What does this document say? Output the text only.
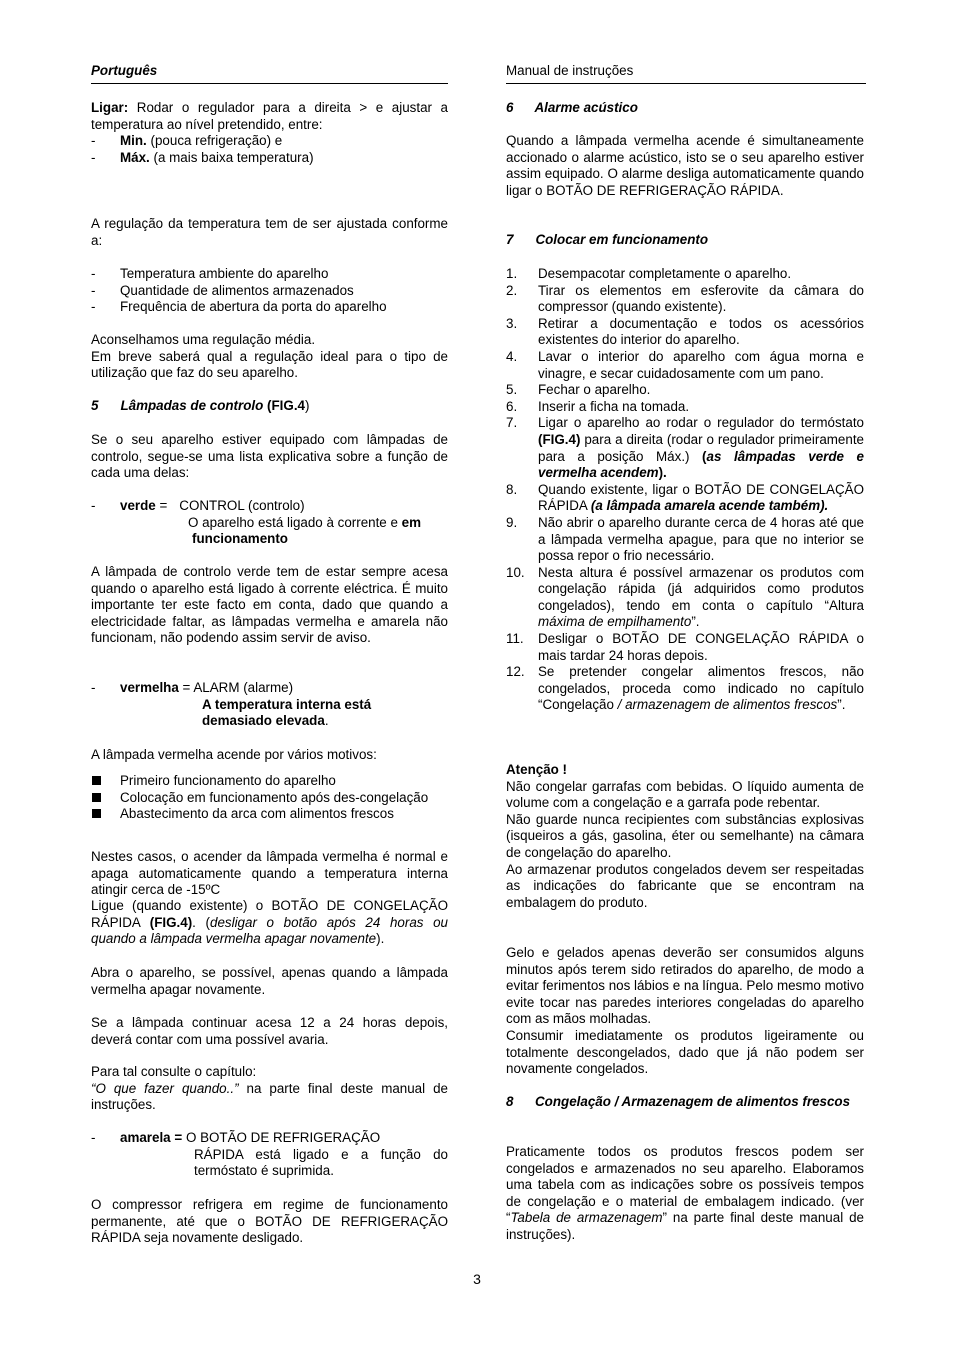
Português	Manual de instruções

Ligar: Rodar o regulador para a direita > e ajustar a temperatura ao nível pretendido, entre:

- Min. (pouca refrigeração) e
- Máx. (a mais baixa temperatura)

A regulação da temperatura tem de ser ajustada conforme a:

- Temperatura ambiente do aparelho
- Quantidade de alimentos armazenados
- Frequência de abertura da porta do aparelho

Aconselhamos uma regulação média.

Em breve saberá qual a regulação ideal para o tipo de utilização que faz do seu aparelho.

5 Lâmpadas de controlo (FIG.4)

Se o seu aparelho estiver equipado com lâmpadas de controlo, segue-se uma lista explicativa sobre a função de cada uma delas:

- verde = CONTROL (controlo)
O aparelho está ligado à corrente e em
funcionamento

A lâmpada de controlo verde tem de estar sempre acesa quando o aparelho está ligado à corrente eléctrica. É muito importante ter este facto em conta, dado que quando a electricidade faltar, as lâmpadas vermelha e amarela não funcionam, não podendo assim servir de aviso.

- vermelha = ALARM (alarme)
A temperatura interna está
demasiado elevada.

A lâmpada vermelha acende por vários motivos:

Primeiro funcionamento do aparelho
Colocação em funcionamento após des-congelação
Abastecimento da arca com alimentos frescos

Nestes casos, o acender da lâmpada vermelha é normal e apaga automaticamente quando a temperatura interna atingir cerca de -15ºC

Ligue (quando existente) o BOTÃO DE CONGELAÇÃO RÁPIDA (FIG.4). (desligar o botão após 24 horas ou quando a lâmpada vermelha apagar novamente).

Abra o aparelho, se possível, apenas quando a lâmpada vermelha apagar novamente.

Se a lâmpada continuar acesa 12 a 24 horas depois, deverá contar com uma possível avaria.

Para tal consulte o capítulo:

“O que fazer quando..” na parte final deste manual de instruções.

- amarela = O BOTÃO DE REFRIGERAÇÃO

RÁPIDA está ligado e a função do termóstato é suprimida.

O compressor refrigera em regime de funcionamento permanente, até que o BOTÃO DE REFRIGERAÇÃO RÁPIDA seja novamente desligado.

6 Alarme acústico

Quando a lâmpada vermelha acende é simultaneamente accionado o alarme acústico, isto se o seu aparelho estiver assim equipado. O alarme desliga automaticamente quando ligar o BOTÃO DE REFRIGERAÇÃO RÁPIDA.

7 Colocar em funcionamento
1. Desempacotar completamente o aparelho.
2. Tirar os elementos em esferovite da câmara do compressor (quando existente).
3. Retirar a documentação e todos os acessórios existentes do interior do aparelho.
4. Lavar o interior do aparelho com água morna e vinagre, e secar cuidadosamente com um pano.
5. Fechar o aparelho.
6. Inserir a ficha na tomada.
7. Ligar o aparelho ao rodar o regulador do termóstato (FIG.4) para a direita (rodar o regulador primeiramente para a posição Máx.) (as lâmpadas verde e vermelha acendem).
8. Quando existente, ligar o BOTÃO DE CONGELAÇÃO RÁPIDA (a lâmpada amarela acende também).
9. Não abrir o aparelho durante cerca de 4 horas até que a lâmpada vermelha apague, para que no interior se possa repor o frio necessário.
10. Nesta altura é possível armazenar os produtos com congelação rápida (já adquiridos como produtos congelados), tendo em conta o capítulo “Altura máxima de empilhamento”.
11. Desligar o BOTÃO DE CONGELAÇÃO RÁPIDA o mais tardar 24 horas depois.
12. Se pretender congelar alimentos frescos, não congelados, proceda como indicado no capítulo “Congelação / armazenagem de alimentos frescos”.

Atenção !

Não congelar garrafas com bebidas. O líquido aumenta de volume com a congelação e a garrafa pode rebentar.

Não guarde nunca recipientes com substâncias explosivas (isqueiros a gás, gasolina, éter ou semelhante) na câmara de congelação do aparelho.

Ao armazenar produtos congelados devem ser respeitadas as indicações do fabricante que se encontram na embalagem do produto.

Gelo e gelados apenas deverão ser consumidos alguns minutos após terem sido retirados do aparelho, de modo a evitar ferimentos nos lábios e na língua. Pelo mesmo motivo evite tocar nas paredes interiores congeladas do aparelho com as mãos molhadas.

Consumir imediatamente os produtos ligeiramente ou totalmente descongelados, dado que já não podem ser novamente congelados.

8 Congelação / Armazenagem de alimentos frescos

Praticamente todos os produtos frescos podem ser congelados e armazenados no seu aparelho. Elaboramos uma tabela com as indicações sobre os possíveis tempos de congelação e o material de embalagem indicado. (ver “Tabela de armazenagem” na parte final deste manual de instruções).

3
